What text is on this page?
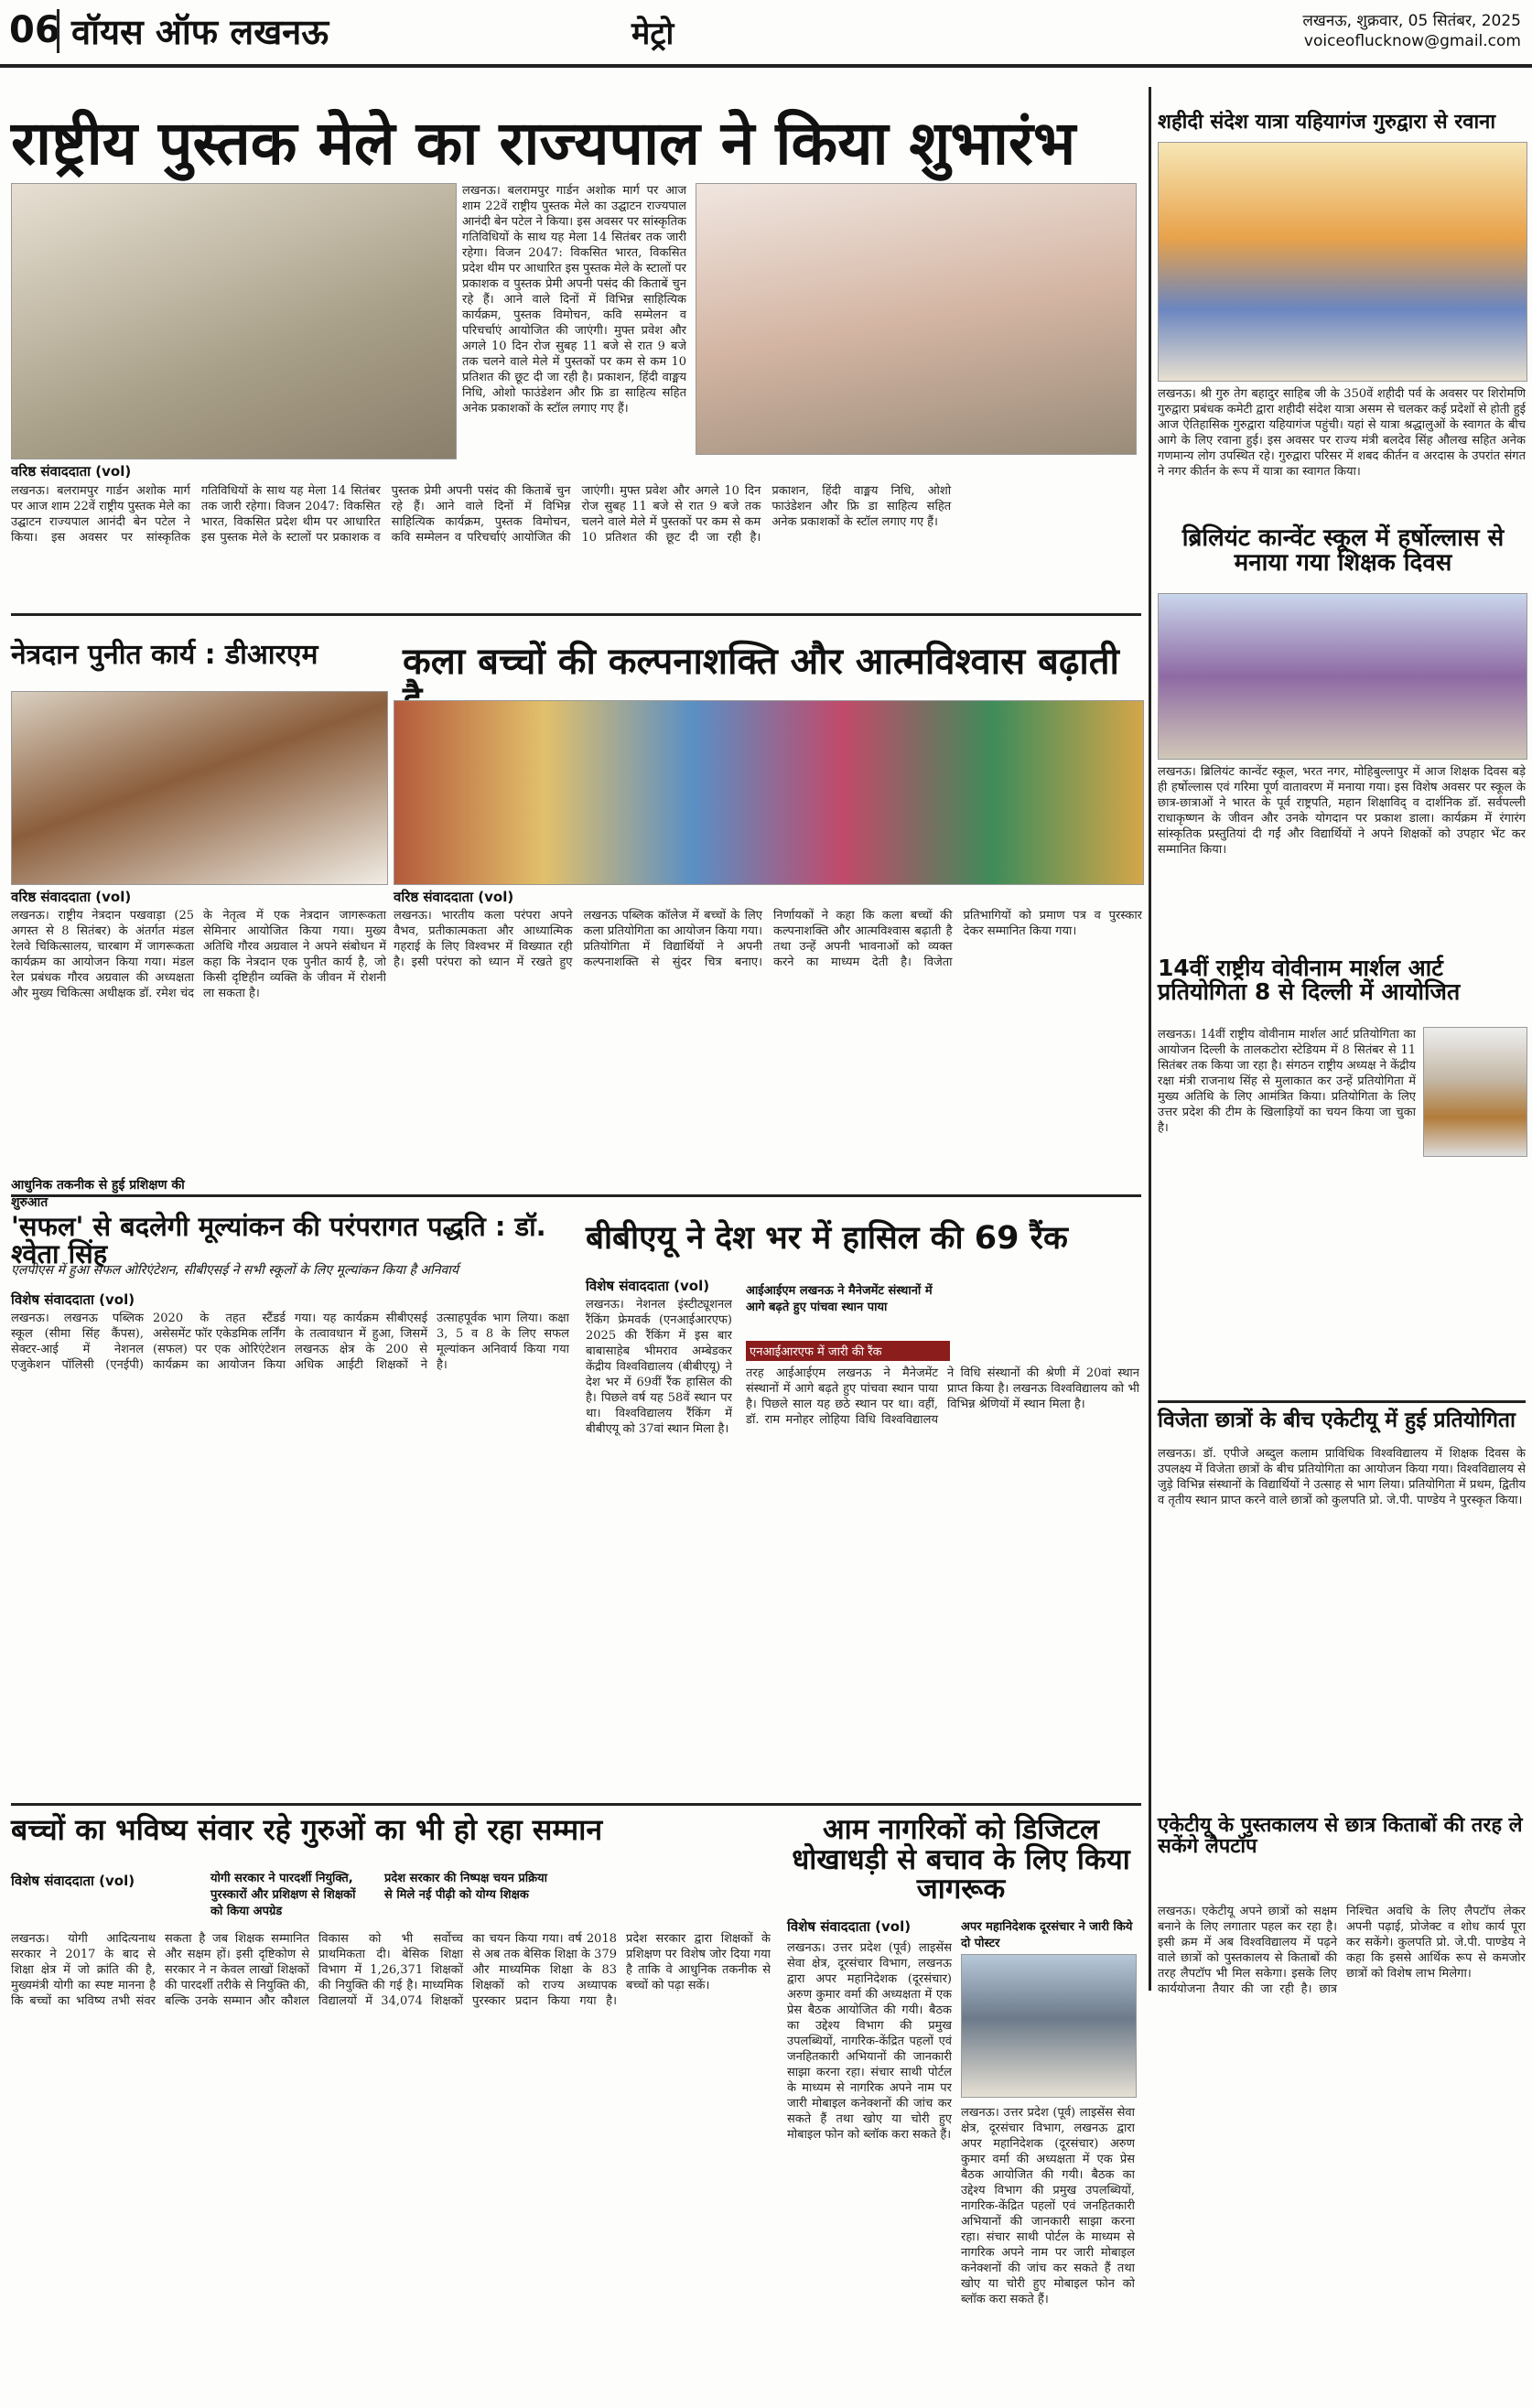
06 वॉयस ऑफ लखनऊ	मेट्रो	लखनऊ, शुक्रवार, 05 सितंबर, 2025
voiceoflucknow@gmail.com
राष्ट्रीय पुस्तक मेले का राज्यपाल ने किया शुभारंभ
वरिष्ठ संवाददाता (vol)
लखनऊ। बलरामपुर गार्डन अशोक मार्ग पर आज शाम 22वें राष्ट्रीय पुस्तक मेले का उद्घाटन राज्यपाल आनंदी बेन पटेल ने किया। इस अवसर पर सांस्कृतिक गतिविधियों के साथ यह मेला 14 सितंबर तक जारी रहेगा। विजन 2047: विकसित भारत, विकसित प्रदेश थीम पर आधारित इस पुस्तक मेले के स्टालों पर प्रकाशक व पुस्तक प्रेमी अपनी पसंद की किताबें चुन रहे हैं। आने वाले दिनों में विभिन्न साहित्यिक कार्यक्रम, पुस्तक विमोचन, कवि सम्मेलन व परिचर्चाएं आयोजित की जाएंगी। मुफ्त प्रवेश और अगले 10 दिन रोज सुबह 11 बजे से रात 9 बजे तक चलने वाले मेले में पुस्तकों पर कम से कम 10 प्रतिशत की छूट दी जा रही है। प्रकाशन, हिंदी वाङ्मय निधि, ओशो फाउंडेशन और फ्रि डा साहित्य सहित अनेक प्रकाशकों के स्टॉल लगाए गए हैं।
लखनऊ। बलरामपुर गार्डन अशोक मार्ग पर आज शाम 22वें राष्ट्रीय पुस्तक मेले का उद्घाटन राज्यपाल आनंदी बेन पटेल ने किया। इस अवसर पर सांस्कृतिक गतिविधियों के साथ यह मेला 14 सितंबर तक जारी रहेगा। विजन 2047: विकसित भारत, विकसित प्रदेश थीम पर आधारित इस पुस्तक मेले के स्टालों पर प्रकाशक व पुस्तक प्रेमी अपनी पसंद की किताबें चुन रहे हैं। आने वाले दिनों में विभिन्न साहित्यिक कार्यक्रम, पुस्तक विमोचन, कवि सम्मेलन व परिचर्चाएं आयोजित की जाएंगी। मुफ्त प्रवेश और अगले 10 दिन रोज सुबह 11 बजे से रात 9 बजे तक चलने वाले मेले में पुस्तकों पर कम से कम 10 प्रतिशत की छूट दी जा रही है। प्रकाशन, हिंदी वाङ्मय निधि, ओशो फाउंडेशन और फ्रि डा साहित्य सहित अनेक प्रकाशकों के स्टॉल लगाए गए हैं।
शहीदी संदेश यात्रा यहियागंज गुरुद्वारा से रवाना
लखनऊ। श्री गुरु तेग बहादुर साहिब जी के 350वें शहीदी पर्व के अवसर पर शिरोमणि गुरुद्वारा प्रबंधक कमेटी द्वारा शहीदी संदेश यात्रा असम से चलकर कई प्रदेशों से होती हुई आज ऐतिहासिक गुरुद्वारा यहियागंज पहुंची। यहां से यात्रा श्रद्धालुओं के स्वागत के बीच आगे के लिए रवाना हुई। इस अवसर पर राज्य मंत्री बलदेव सिंह औलख सहित अनेक गणमान्य लोग उपस्थित रहे। गुरुद्वारा परिसर में शबद कीर्तन व अरदास के उपरांत संगत ने नगर कीर्तन के रूप में यात्रा का स्वागत किया।
ब्रिलियंट कान्वेंट स्कूल में हर्षोल्लास से मनाया गया शिक्षक दिवस
लखनऊ। ब्रिलियंट कान्वेंट स्कूल, भरत नगर, मोहिबुल्लापुर में आज शिक्षक दिवस बड़े ही हर्षोल्लास एवं गरिमा पूर्ण वातावरण में मनाया गया। इस विशेष अवसर पर स्कूल के छात्र-छात्राओं ने भारत के पूर्व राष्ट्रपति, महान शिक्षाविद् व दार्शनिक डॉ. सर्वपल्ली राधाकृष्णन के जीवन और उनके योगदान पर प्रकाश डाला। कार्यक्रम में रंगारंग सांस्कृतिक प्रस्तुतियां दी गईं और विद्यार्थियों ने अपने शिक्षकों को उपहार भेंट कर सम्मानित किया।
14वीं राष्ट्रीय वोवीनाम मार्शल आर्ट प्रतियोगिता 8 से दिल्ली में आयोजित
लखनऊ। 14वीं राष्ट्रीय वोवीनाम मार्शल आर्ट प्रतियोगिता का आयोजन दिल्ली के तालकटोरा स्टेडियम में 8 सितंबर से 11 सितंबर तक किया जा रहा है। संगठन राष्ट्रीय अध्यक्ष ने केंद्रीय रक्षा मंत्री राजनाथ सिंह से मुलाकात कर उन्हें प्रतियोगिता में मुख्य अतिथि के लिए आमंत्रित किया। प्रतियोगिता के लिए उत्तर प्रदेश की टीम के खिलाड़ियों का चयन किया जा चुका है।
विजेता छात्रों के बीच एकेटीयू में हुई प्रतियोगिता
लखनऊ। डॉ. एपीजे अब्दुल कलाम प्राविधिक विश्वविद्यालय में शिक्षक दिवस के उपलक्ष्य में विजेता छात्रों के बीच प्रतियोगिता का आयोजन किया गया। विश्वविद्यालय से जुड़े विभिन्न संस्थानों के विद्यार्थियों ने उत्साह से भाग लिया। प्रतियोगिता में प्रथम, द्वितीय व तृतीय स्थान प्राप्त करने वाले छात्रों को कुलपति प्रो. जे.पी. पाण्डेय ने पुरस्कृत किया।
नेत्रदान पुनीत कार्य : डीआरएम
वरिष्ठ संवाददाता (vol)
लखनऊ। राष्ट्रीय नेत्रदान पखवाड़ा (25 अगस्त से 8 सितंबर) के अंतर्गत मंडल रेलवे चिकित्सालय, चारबाग में जागरूकता कार्यक्रम का आयोजन किया गया। मंडल रेल प्रबंधक गौरव अग्रवाल की अध्यक्षता और मुख्य चिकित्सा अधीक्षक डॉ. रमेश चंद के नेतृत्व में एक नेत्रदान जागरूकता सेमिनार आयोजित किया गया। मुख्य अतिथि गौरव अग्रवाल ने अपने संबोधन में कहा कि नेत्रदान एक पुनीत कार्य है, जो किसी दृष्टिहीन व्यक्ति के जीवन में रोशनी ला सकता है।
आधुनिक तकनीक से हुई प्रशिक्षण की शुरुआत
कला बच्चों की कल्पनाशक्ति और आत्मविश्वास बढ़ाती
वरिष्ठ संवाददाता (vol)
लखनऊ। भारतीय कला परंपरा अपने वैभव, प्रतीकात्मकता और आध्यात्मिक गहराई के लिए विश्वभर में विख्यात रही है। इसी परंपरा को ध्यान में रखते हुए लखनऊ पब्लिक कॉलेज में बच्चों के लिए कला प्रतियोगिता का आयोजन किया गया। प्रतियोगिता में विद्यार्थियों ने अपनी कल्पनाशक्ति से सुंदर चित्र बनाए। निर्णायकों ने कहा कि कला बच्चों की कल्पनाशक्ति और आत्मविश्वास बढ़ाती है तथा उन्हें अपनी भावनाओं को व्यक्त करने का माध्यम देती है। विजेता प्रतिभागियों को प्रमाण पत्र व पुरस्कार देकर सम्मानित किया गया।
'सफल' से बदलेगी मूल्यांकन की परंपरागत पद्धति : डॉ. श्वेता सिंह
एलपीएस में हुआ सफल ओरिएंटेशन, सीबीएसई ने सभी स्कूलों के लिए मूल्यांकन किया है अनिवार्य
विशेष संवाददाता (vol)
लखनऊ। लखनऊ पब्लिक स्कूल (सीमा सिंह कैंपस), सेक्टर-आई में नेशनल एजुकेशन पॉलिसी (एनईपी) 2020 के तहत स्टैंडर्ड असेसमेंट फॉर एकेडमिक लर्निंग (सफल) पर एक ओरिएंटेशन कार्यक्रम का आयोजन किया गया। यह कार्यक्रम सीबीएसई के तत्वावधान में हुआ, जिसमें लखनऊ क्षेत्र के 200 से अधिक आईटी शिक्षकों ने उत्साहपूर्वक भाग लिया। कक्षा 3, 5 व 8 के लिए सफल मूल्यांकन अनिवार्य किया गया है।
बीबीएयू ने देश भर में हासिल की 69 रैंक
विशेष संवाददाता (vol)
लखनऊ। नेशनल इंस्टीट्यूशनल रैंकिंग फ्रेमवर्क (एनआईआरएफ) 2025 की रैंकिंग में इस बार बाबासाहेब भीमराव अम्बेडकर केंद्रीय विश्वविद्यालय (बीबीएयू) ने देश भर में 69वीं रैंक हासिल की है। पिछले वर्ष यह 58वें स्थान पर था। विश्वविद्यालय रैंकिंग में बीबीएयू को 37वां स्थान मिला है।
आईआईएम लखनऊ ने मैनेजमेंट संस्थानों में आगे बढ़ते हुए पांचवा स्थान पाया
एनआईआरएफ में जारी की रैंक
तरह आईआईएम लखनऊ ने मैनेजमेंट संस्थानों में आगे बढ़ते हुए पांचवा स्थान पाया है। पिछले साल यह छठे स्थान पर था। वहीं, डॉ. राम मनोहर लोहिया विधि विश्वविद्यालय ने विधि संस्थानों की श्रेणी में 20वां स्थान प्राप्त किया है। लखनऊ विश्वविद्यालय को भी विभिन्न श्रेणियों में स्थान मिला है।
बच्चों का भविष्य संवार रहे गुरुओं का भी हो रहा सम्मान
विशेष संवाददाता (vol)	योगी सरकार ने पारदर्शी नियुक्ति, पुरस्कारों और प्रशिक्षण से शिक्षकों को किया अपग्रेड
प्रदेश सरकार की निष्पक्ष चयन प्रक्रिया से मिले नई पीढ़ी को योग्य शिक्षक
लखनऊ। योगी आदित्यनाथ सरकार ने 2017 के बाद से शिक्षा क्षेत्र में जो क्रांति की है, मुख्यमंत्री योगी का स्पष्ट मानना है कि बच्चों का भविष्य तभी संवर सकता है जब शिक्षक सम्मानित और सक्षम हों। इसी दृष्टिकोण से सरकार ने न केवल लाखों शिक्षकों की पारदर्शी तरीके से नियुक्ति की, बल्कि उनके सम्मान और कौशल विकास को भी सर्वोच्च प्राथमिकता दी। बेसिक शिक्षा विभाग में 1,26,371 शिक्षकों की नियुक्ति की गई है। माध्यमिक विद्यालयों में 34,074 शिक्षकों का चयन किया गया। वर्ष 2018 से अब तक बेसिक शिक्षा के 379 और माध्यमिक शिक्षा के 83 शिक्षकों को राज्य अध्यापक पुरस्कार प्रदान किया गया है। प्रदेश सरकार द्वारा शिक्षकों के प्रशिक्षण पर विशेष जोर दिया गया है ताकि वे आधुनिक तकनीक से बच्चों को पढ़ा सकें।
आम नागरिकों को डिजिटल धोखाधड़ी से बचाव के लिए किया जागरूक
विशेष संवाददाता (vol)	अपर महानिदेशक दूरसंचार ने जारी किये दो पोस्टर
लखनऊ। उत्तर प्रदेश (पूर्व) लाइसेंस सेवा क्षेत्र, दूरसंचार विभाग, लखनऊ द्वारा अपर महानिदेशक (दूरसंचार) अरुण कुमार वर्मा की अध्यक्षता में एक प्रेस बैठक आयोजित की गयी। बैठक का उद्देश्य विभाग की प्रमुख उपलब्धियों, नागरिक-केंद्रित पहलों एवं जनहितकारी अभियानों की जानकारी साझा करना रहा। संचार साथी पोर्टल के माध्यम से नागरिक अपने नाम पर जारी मोबाइल कनेक्शनों की जांच कर सकते हैं तथा खोए या चोरी हुए मोबाइल फोन को ब्लॉक करा सकते हैं।
लखनऊ। उत्तर प्रदेश (पूर्व) लाइसेंस सेवा क्षेत्र, दूरसंचार विभाग, लखनऊ द्वारा अपर महानिदेशक (दूरसंचार) अरुण कुमार वर्मा की अध्यक्षता में एक प्रेस बैठक आयोजित की गयी। बैठक का उद्देश्य विभाग की प्रमुख उपलब्धियों, नागरिक-केंद्रित पहलों एवं जनहितकारी अभियानों की जानकारी साझा करना रहा। संचार साथी पोर्टल के माध्यम से नागरिक अपने नाम पर जारी मोबाइल कनेक्शनों की जांच कर सकते हैं तथा खोए या चोरी हुए मोबाइल फोन को ब्लॉक करा सकते हैं।
एकेटीयू के पुस्तकालय से छात्र किताबों की तरह ले सकेंगे लैपटॉप
लखनऊ। एकेटीयू अपने छात्रों को सक्षम बनाने के लिए लगातार पहल कर रहा है। इसी क्रम में अब विश्वविद्यालय में पढ़ने वाले छात्रों को पुस्तकालय से किताबों की तरह लैपटॉप भी मिल सकेगा। इसके लिए कार्ययोजना तैयार की जा रही है। छात्र निश्चित अवधि के लिए लैपटॉप लेकर अपनी पढ़ाई, प्रोजेक्ट व शोध कार्य पूरा कर सकेंगे। कुलपति प्रो. जे.पी. पाण्डेय ने कहा कि इससे आर्थिक रूप से कमजोर छात्रों को विशेष लाभ मिलेगा।
